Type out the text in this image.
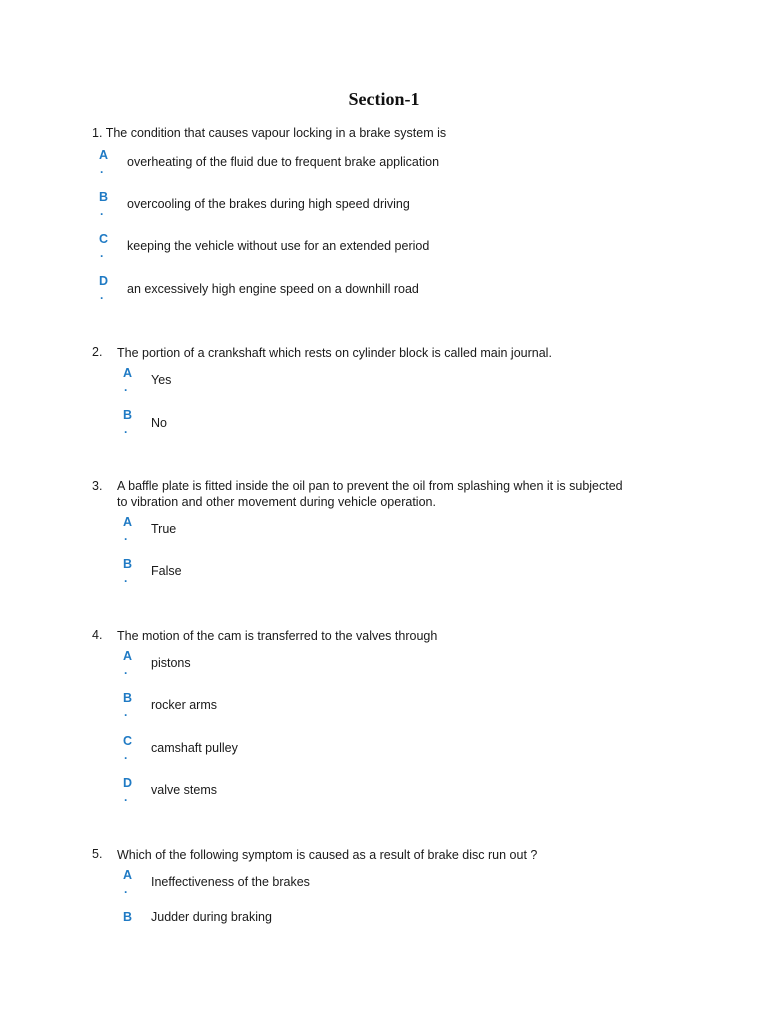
Section-1
1. The condition that causes vapour locking in a brake system is
A
. overheating of the fluid due to frequent brake application
B
. overcooling of the brakes during high speed driving
C
. keeping the vehicle without use for an extended period
D
. an excessively high engine speed on a downhill road
2. The portion of a crankshaft which rests on cylinder block is called main journal.
A
. Yes
B
. No
3. A baffle plate is fitted inside the oil pan to prevent the oil from splashing when it is subjected
to vibration and other movement during vehicle operation.
A
. True
B
. False
4. The motion of the cam is transferred to the valves through
A
. pistons
B
. rocker arms
C
. camshaft pulley
D
. valve stems
5. Which of the following symptom is caused as a result of brake disc run out ?
A
. Ineffectiveness of the brakes
B Judder during braking
